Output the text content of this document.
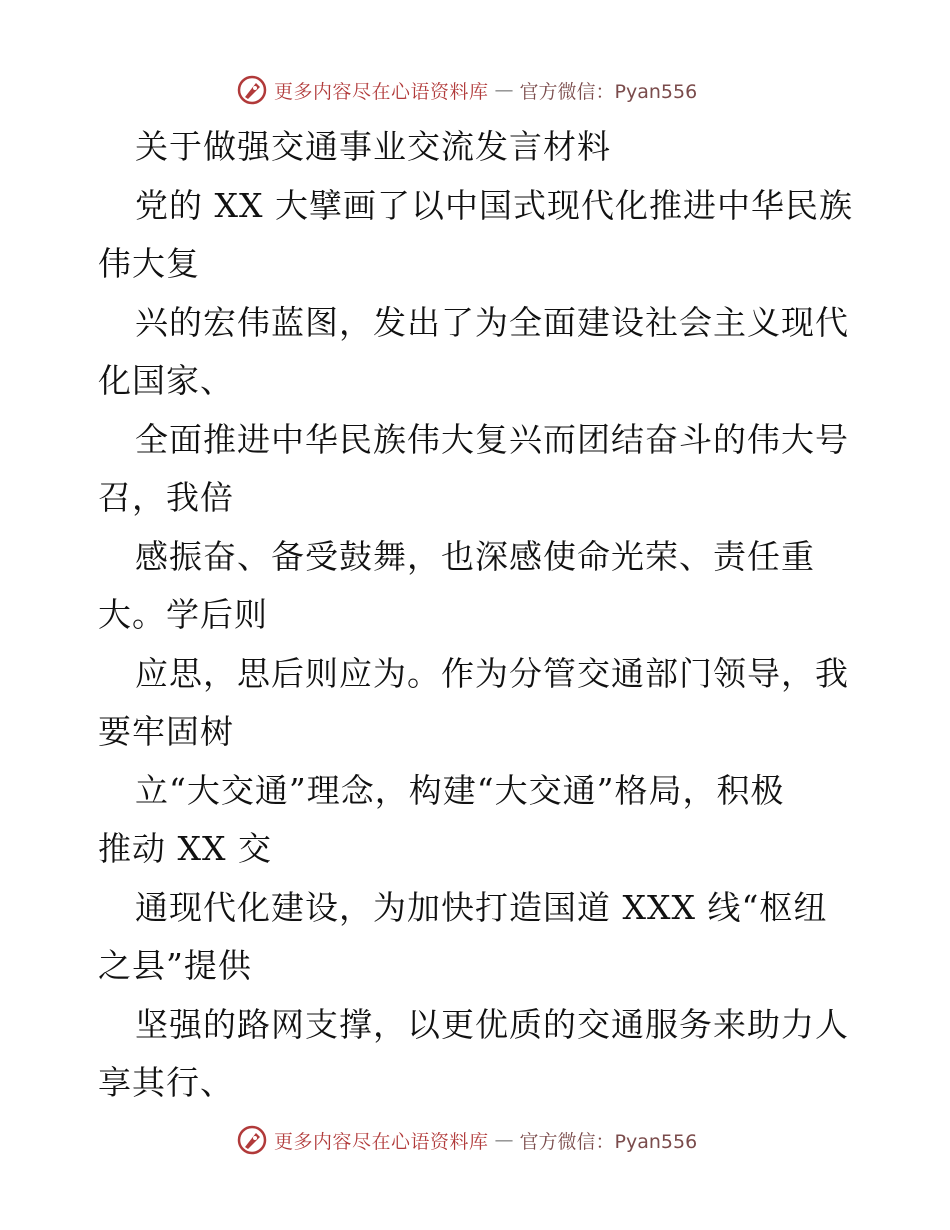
更多内容尽在心语资料库 — 官方微信：Pyan556
关于做强交通事业交流发言材料
党的 XX 大擘画了以中国式现代化推进中华民族
伟大复
兴的宏伟蓝图，发出了为全面建设社会主义现代
化国家、
全面推进中华民族伟大复兴而团结奋斗的伟大号
召，我倍
感振奋、备受鼓舞，也深感使命光荣、责任重
大。学后则
应思，思后则应为。作为分管交通部门领导，我
要牢固树
立“大交通”理念，构建“大交通”格局，积极
推动 XX 交
通现代化建设，为加快打造国道 XXX 线“枢纽
之县”提供
坚强的路网支撑，以更优质的交通服务来助力人
享其行、
更多内容尽在心语资料库 — 官方微信：Pyan556
